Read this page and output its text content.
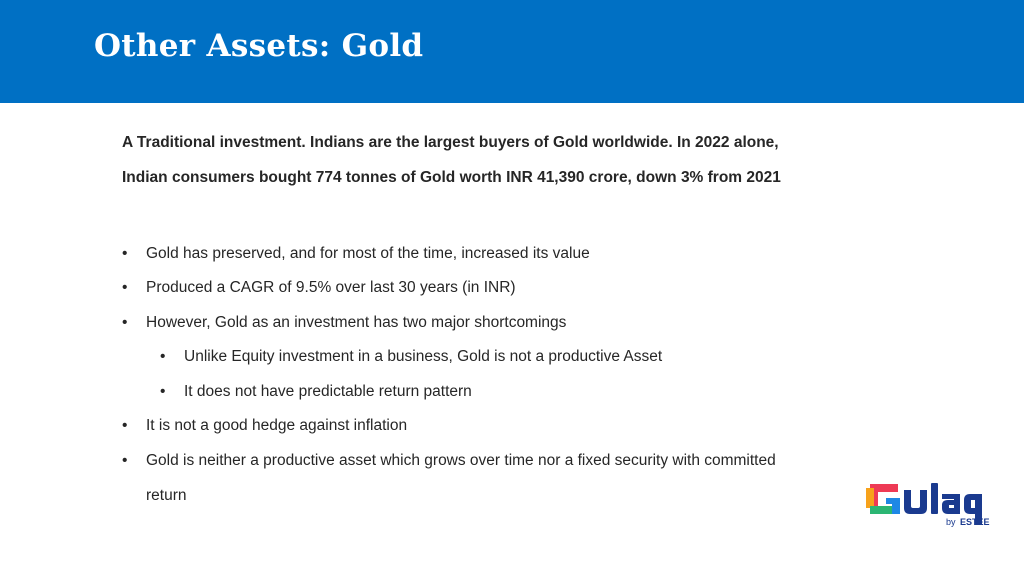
Other Assets: Gold

A Traditional investment. Indians are the largest buyers of Gold worldwide. In 2022 alone, Indian consumers bought 774 tonnes of Gold worth INR 41,390 crore, down 3% from 2021

• Gold has preserved, and for most of the time, increased its value
• Produced a CAGR of 9.5% over last 30 years (in INR)
• However, Gold as an investment has two major shortcomings
• Unlike Equity investment in a business, Gold is not a productive Asset
• It does not have predictable return pattern
• It is not a good hedge against inflation
• Gold is neither a productive asset which grows over time nor a fixed security with committed return
by ESTEE
